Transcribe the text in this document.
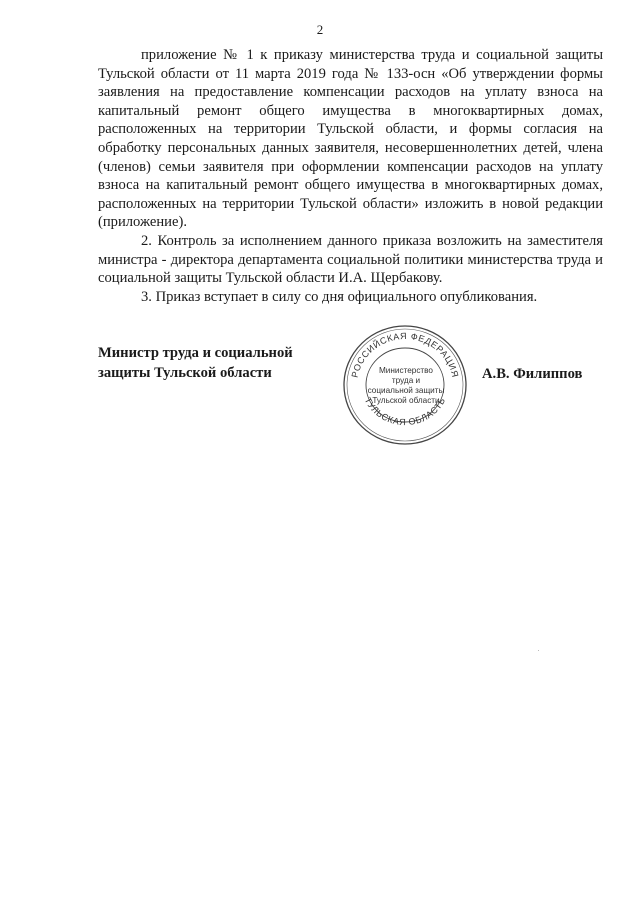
2

приложение № 1 к приказу министерства труда и социальной защиты Тульской области от 11 марта 2019 года № 133-осн «Об утверждении формы заявления на предоставление компенсации расходов на уплату взноса на капитальный ремонт общего имущества в многоквартирных домах, расположенных на территории Тульской области, и формы согласия на обработку персональных данных заявителя, несовершеннолетних детей, члена (членов) семьи заявителя при оформлении компенсации расходов на уплату взноса на капитальный ремонт общего имущества в многоквартирных домах, расположенных на территории Тульской области» изложить в новой редакции (приложение).

2. Контроль за исполнением данного приказа возложить на заместителя министра - директора департамента социальной политики министерства труда и социальной защиты Тульской области И.А. Щербакову.

3. Приказ вступает в силу со дня официального опубликования.

Министр труда и социальной
защиты Тульской области	РОССИЙСКАЯ ФЕДЕРАЦИЯ
ТУЛЬСКАЯ ОБЛАСТЬ
Министерство
труда и
социальной защиты
Тульской области
А.В. Филиппов
